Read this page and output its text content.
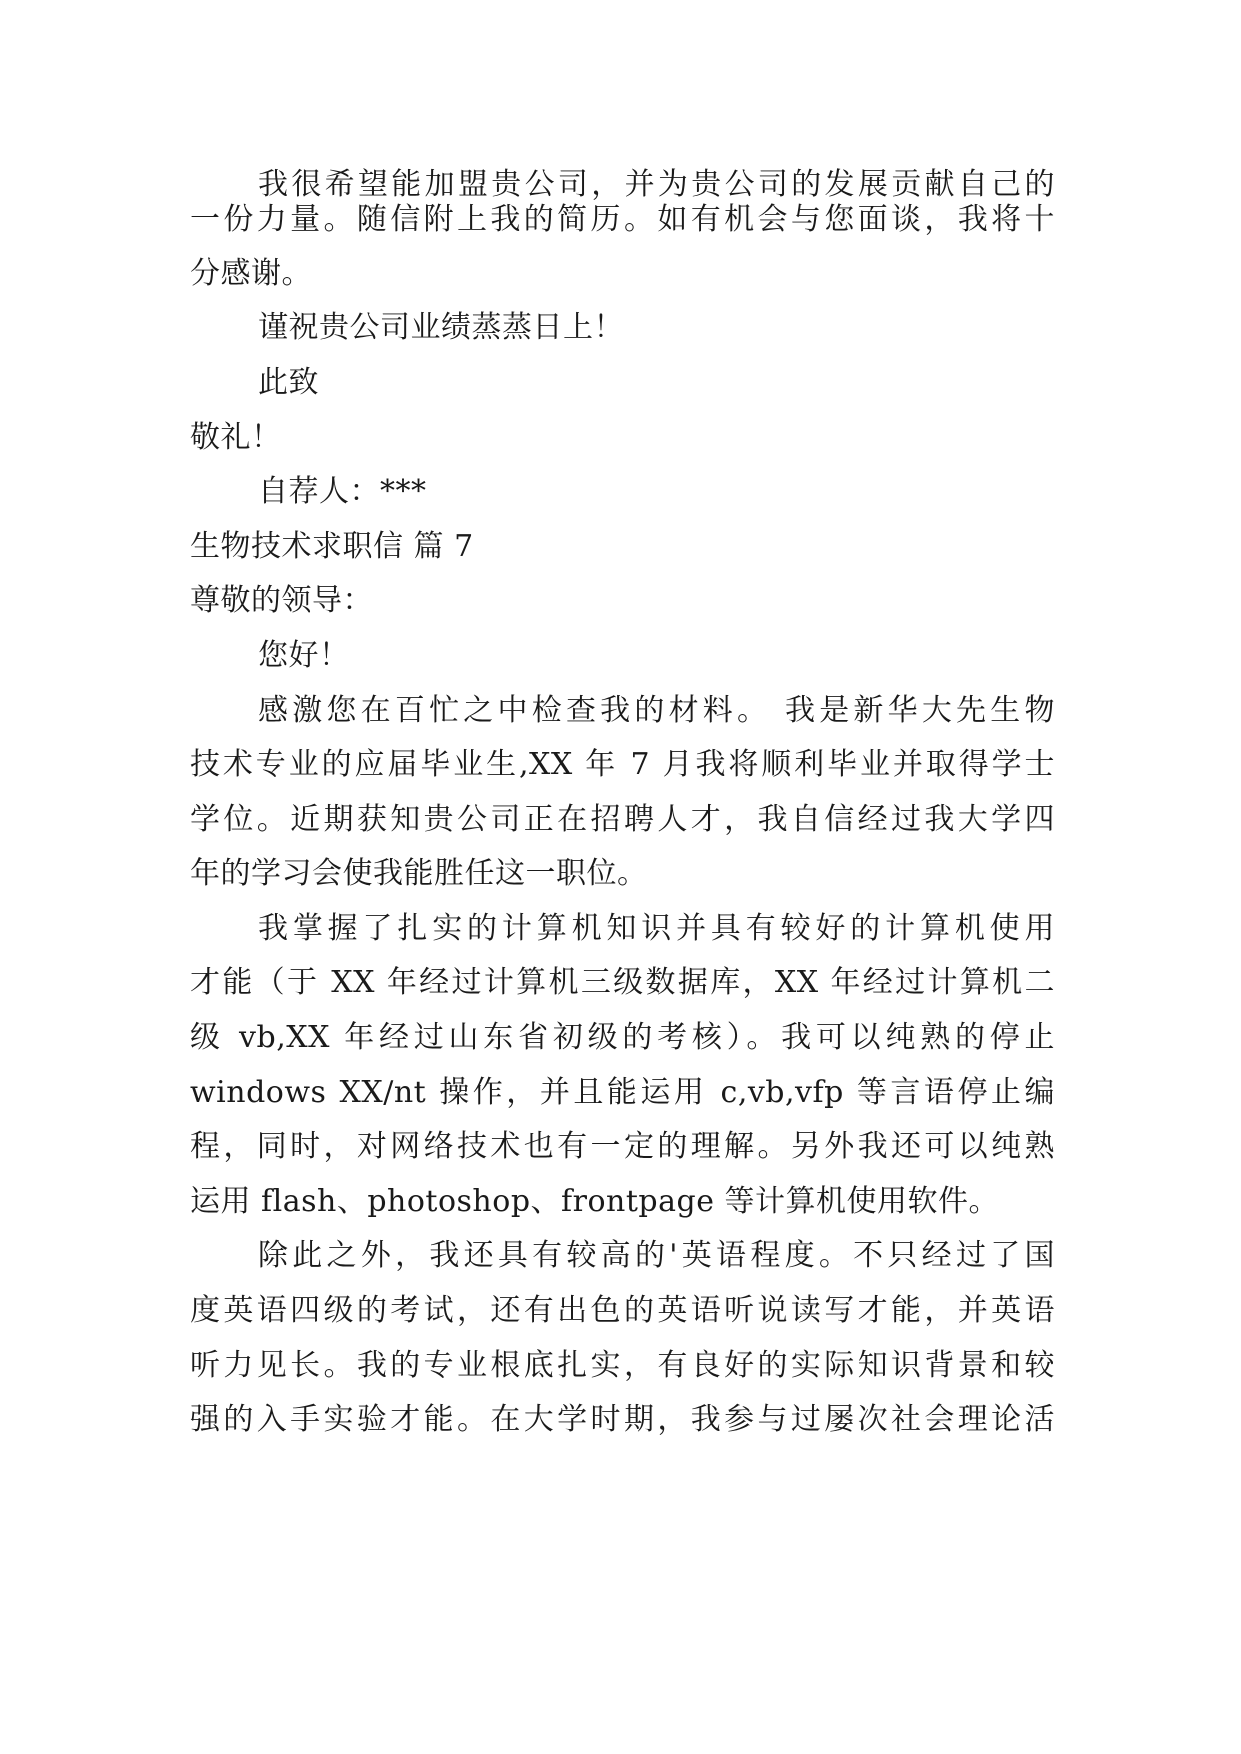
我很希望能加盟贵公司，并为贵公司的发展贡献自己的
一份力量。随信附上我的简历。如有机会与您面谈，我将十
分感谢。
谨祝贵公司业绩蒸蒸日上！
此致
敬礼！
自荐人：***
生物技术求职信 篇 7
尊敬的领导：
您好！
感激您在百忙之中检查我的材料。 我是新华大先生物
技术专业的应届毕业生,XX 年 7 月我将顺利毕业并取得学士
学位。近期获知贵公司正在招聘人才，我自信经过我大学四
年的学习会使我能胜任这一职位。
我掌握了扎实的计算机知识并具有较好的计算机使用
才能（于 XX 年经过计算机三级数据库，XX 年经过计算机二
级 vb,XX 年经过山东省初级的考核）。我可以纯熟的停止
windows XX/nt 操作，并且能运用 c,vb,vfp 等言语停止编
程，同时，对网络技术也有一定的理解。另外我还可以纯熟
运用 flash、photoshop、frontpage 等计算机使用软件。
除此之外，我还具有较高的'英语程度。不只经过了国
度英语四级的考试，还有出色的英语听说读写才能，并英语
听力见长。我的专业根底扎实，有良好的实际知识背景和较
强的入手实验才能。在大学时期，我参与过屡次社会理论活
